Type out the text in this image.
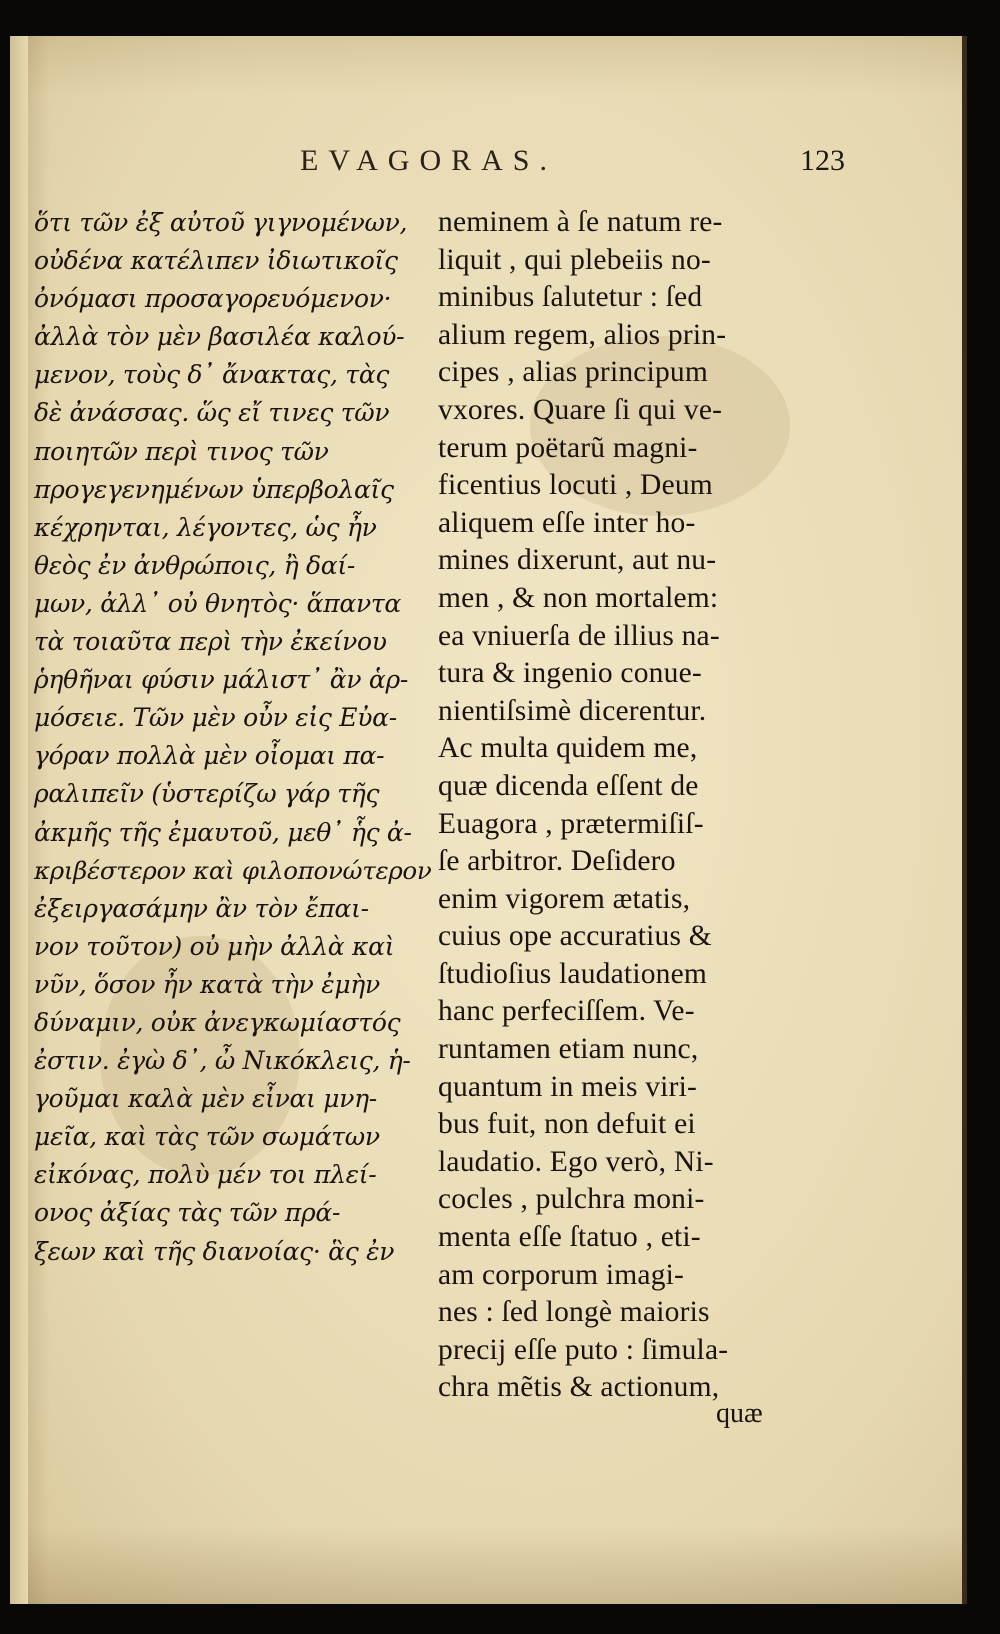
EVAGORAS.	123
ὅτι τῶν ἐξ αὐτοῦ γιγνομένων,
οὐδένα κατέλιπεν ἰδιωτικοῖς
ὀνόμασι προσαγορευόμενον·
ἀλλὰ τὸν μὲν βασιλέα καλού-
μενον, τοὺς δ᾽ ἄνακτας, τὰς
δὲ ἀνάσσας. ὥς εἴ τινες τῶν
ποιητῶν περὶ τινος τῶν
προγεγενημένων ὑπερβολαῖς
κέχρηνται, λέγοντες, ὡς ἦν
θεὸς ἐν ἀνθρώποις, ἢ δαί-
μων, ἀλλ᾽ οὐ θνητὸς· ἅπαντα
τὰ τοιαῦτα περὶ τὴν ἐκείνου
ῥηθῆναι φύσιν μάλιστ᾽ ἂν ἁρ-
μόσειε. Τῶν μὲν οὖν εἰς Εὐα-
γόραν πολλὰ μὲν οἶομαι πα-
ραλιπεῖν (ὑστερίζω γάρ τῆς
ἀκμῆς τῆς ἐμαυτοῦ, μεθ᾽ ἧς ἀ-
κριβέστερον καὶ φιλοπονώτερον
ἐξειργασάμην ἂν τὸν ἔπαι-
νον τοῦτον) οὐ μὴν ἀλλὰ καὶ
νῦν, ὅσον ἦν κατὰ τὴν ἐμὴν
δύναμιν, οὐκ ἀνεγκωμίαστός
ἐστιν. ἐγὼ δ᾽, ὦ Νικόκλεις, ἡ-
γοῦμαι καλὰ μὲν εἶναι μνη-
μεῖα, καὶ τὰς τῶν σωμάτων
εἰκόνας, πολὺ μέν τοι πλεί-
ονος ἀξίας τὰς τῶν πρά-
ξεων καὶ τῆς διανοίας· ἃς ἐν
neminem à ſe natum re-
liquit , qui plebeiis no-
minibus ſalutetur : ſed
alium regem, alios prin-
cipes , alias principum
vxores. Quare ſi qui ve-
terum poëtarũ magni-
ficentius locuti , Deum
aliquem eſſe inter ho-
mines dixerunt, aut nu-
men , & non mortalem:
ea vniuerſa de illius na-
tura & ingenio conue-
nientiſsimè dicerentur.
Ac multa quidem me,
quæ dicenda eſſent de
Euagora , prætermiſiſ-
ſe arbitror. Deſidero
enim vigorem ætatis,
cuius ope accuratius &
ſtudioſius laudationem
hanc perfeciſſem. Ve-
runtamen etiam nunc,
quantum in meis viri-
bus fuit, non defuit ei
laudatio. Ego verò, Ni-
cocles , pulchra moni-
menta eſſe ſtatuo , eti-
am corporum imagi-
nes : ſed longè maioris
precij eſſe puto : ſimula-
chra mẽtis & actionum,
quæ
